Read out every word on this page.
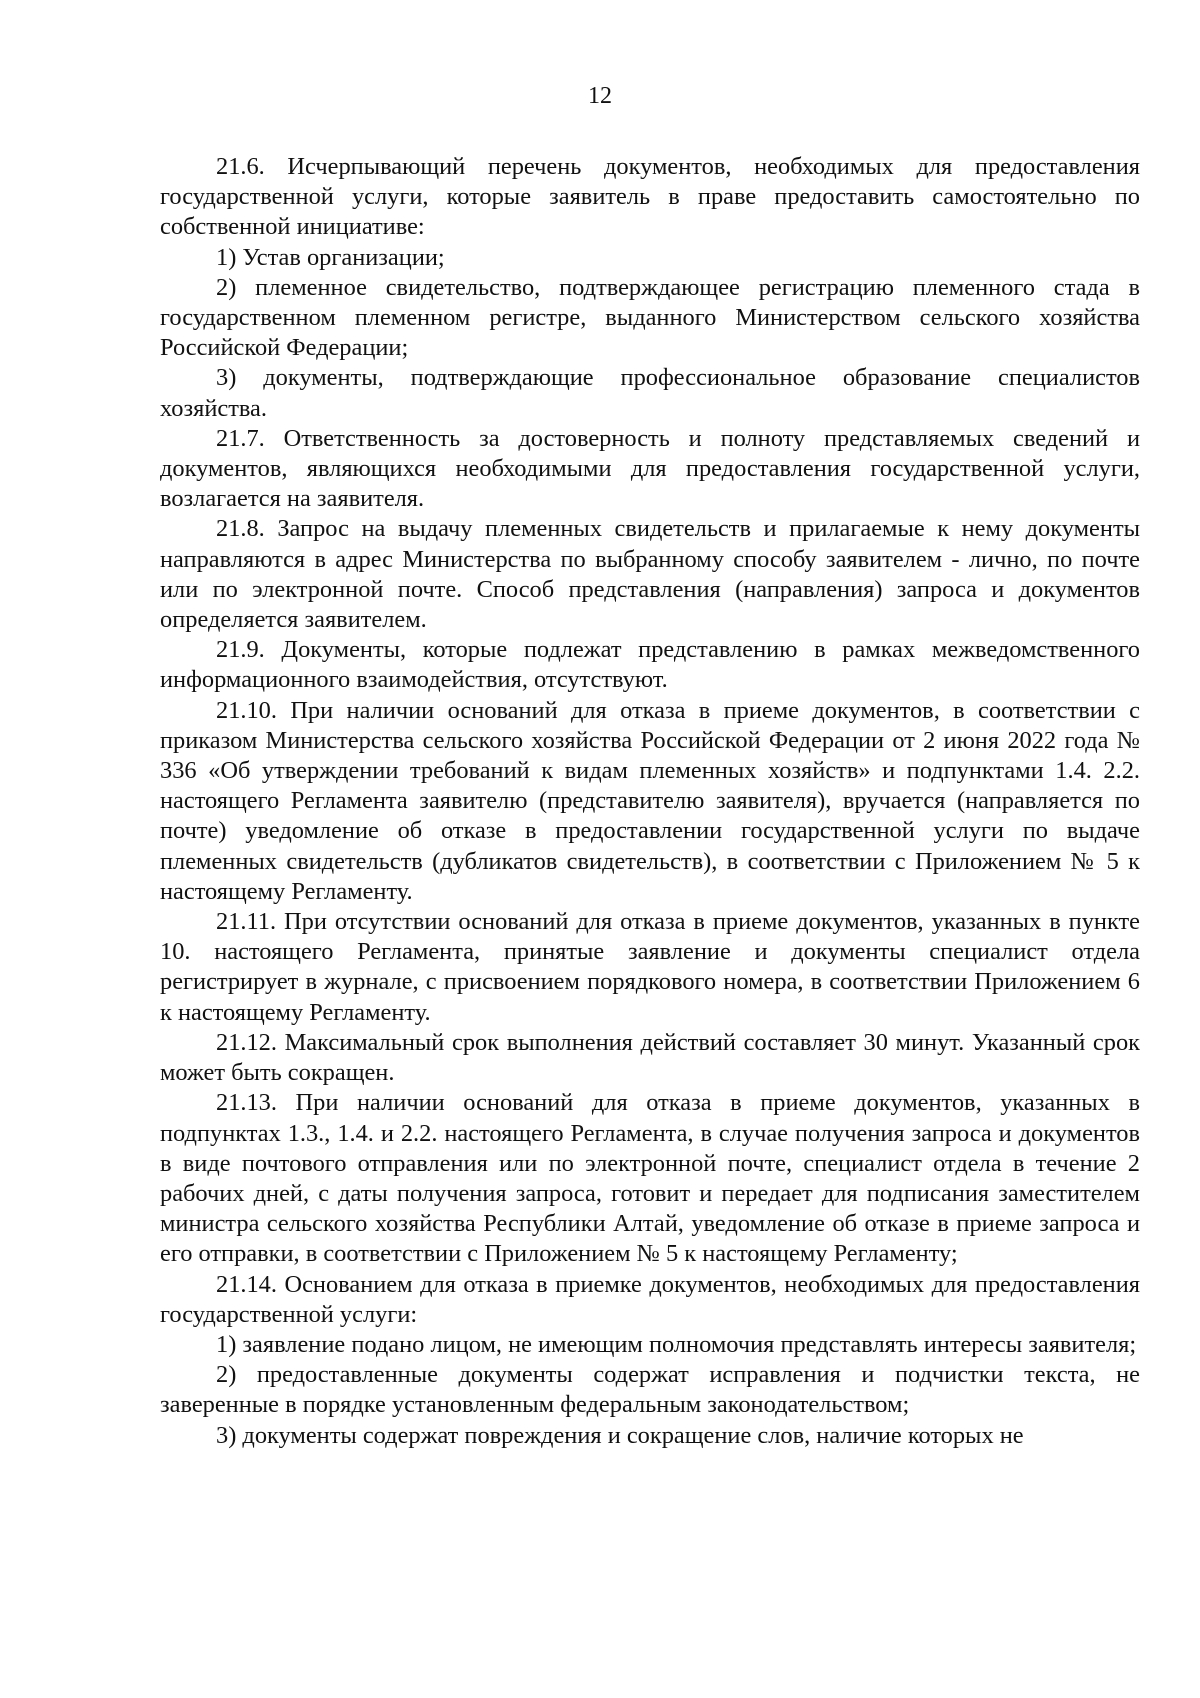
12

21.6. Исчерпывающий перечень документов, необходимых для предоставления государственной услуги, которые заявитель в праве предоставить самостоятельно по собственной инициативе:

1) Устав организации;

2) племенное свидетельство, подтверждающее регистрацию племенного стада в государственном племенном регистре, выданного Министерством сельского хозяйства Российской Федерации;

3) документы, подтверждающие профессиональное образование специалистов хозяйства.

21.7. Ответственность за достоверность и полноту представляемых сведений и документов, являющихся необходимыми для предоставления государственной услуги, возлагается на заявителя.

21.8. Запрос на выдачу племенных свидетельств и прилагаемые к нему документы направляются в адрес Министерства по выбранному способу заявителем - лично, по почте или по электронной почте. Способ представления (направления) запроса и документов определяется заявителем.

21.9. Документы, которые подлежат представлению в рамках межведомственного информационного взаимодействия, отсутствуют.

21.10. При наличии оснований для отказа в приеме документов, в соответствии с приказом Министерства сельского хозяйства Российской Федерации от 2 июня 2022 года № 336 «Об утверждении требований к видам племенных хозяйств» и подпунктами 1.4. 2.2. настоящего Регламента заявителю (представителю заявителя), вручается (направляется по почте) уведомление об отказе в предоставлении государственной услуги по выдаче племенных свидетельств (дубликатов свидетельств), в соответствии с Приложением № 5 к настоящему Регламенту.

21.11. При отсутствии оснований для отказа в приеме документов, указанных в пункте 10. настоящего Регламента, принятые заявление и документы специалист отдела регистрирует в журнале, с присвоением порядкового номера, в соответствии Приложением 6 к настоящему Регламенту.

21.12. Максимальный срок выполнения действий составляет 30 минут. Указанный срок может быть сокращен.

21.13. При наличии оснований для отказа в приеме документов, указанных в подпунктах 1.3., 1.4. и 2.2. настоящего Регламента, в случае получения запроса и документов в виде почтового отправления или по электронной почте, специалист отдела в течение 2 рабочих дней, с даты получения запроса, готовит и передает для подписания заместителем министра сельского хозяйства Республики Алтай, уведомление об отказе в приеме запроса и его отправки, в соответствии с Приложением № 5 к настоящему Регламенту;

21.14. Основанием для отказа в приемке документов, необходимых для предоставления государственной услуги:

1) заявление подано лицом, не имеющим полномочия представлять интересы заявителя;

2) предоставленные документы содержат исправления и подчистки текста, не заверенные в порядке установленным федеральным законодательством;

3) документы содержат повреждения и сокращение слов, наличие которых не
